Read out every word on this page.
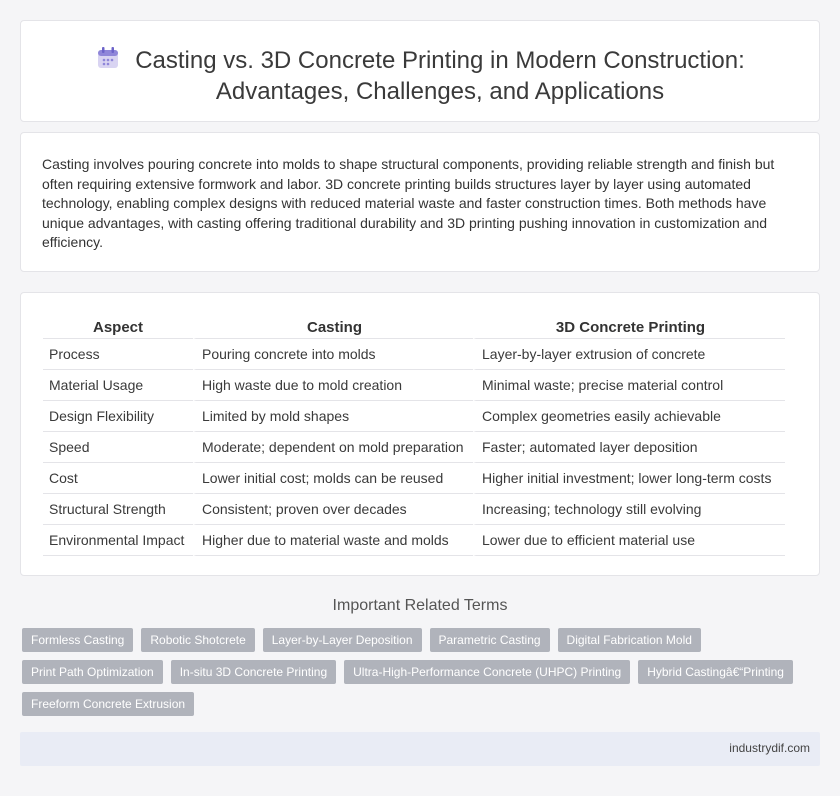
Casting vs. 3D Concrete Printing in Modern Construction: Advantages, Challenges, and Applications

Casting involves pouring concrete into molds to shape structural components, providing reliable strength and finish but often requiring extensive formwork and labor. 3D concrete printing builds structures layer by layer using automated technology, enabling complex designs with reduced material waste and faster construction times. Both methods have unique advantages, with casting offering traditional durability and 3D printing pushing innovation in customization and efficiency.

Aspect	Casting	3D Concrete Printing
Process	Pouring concrete into molds	Layer-by-layer extrusion of concrete
Material Usage	High waste due to mold creation	Minimal waste; precise material control
Design Flexibility	Limited by mold shapes	Complex geometries easily achievable
Speed	Moderate; dependent on mold preparation	Faster; automated layer deposition
Cost	Lower initial cost; molds can be reused	Higher initial investment; lower long-term costs
Structural Strength	Consistent; proven over decades	Increasing; technology still evolving
Environmental Impact	Higher due to material waste and molds	Lower due to efficient material use
Important Related Terms
Formless Casting	Robotic Shotcrete	Layer-by-Layer Deposition	Parametric Casting	Digital Fabrication Mold
Print Path Optimization	In-situ 3D Concrete Printing	Ultra-High-Performance Concrete (UHPC) Printing	Hybrid Castingâ€“Printing
Freeform Concrete Extrusion
industrydif.com
